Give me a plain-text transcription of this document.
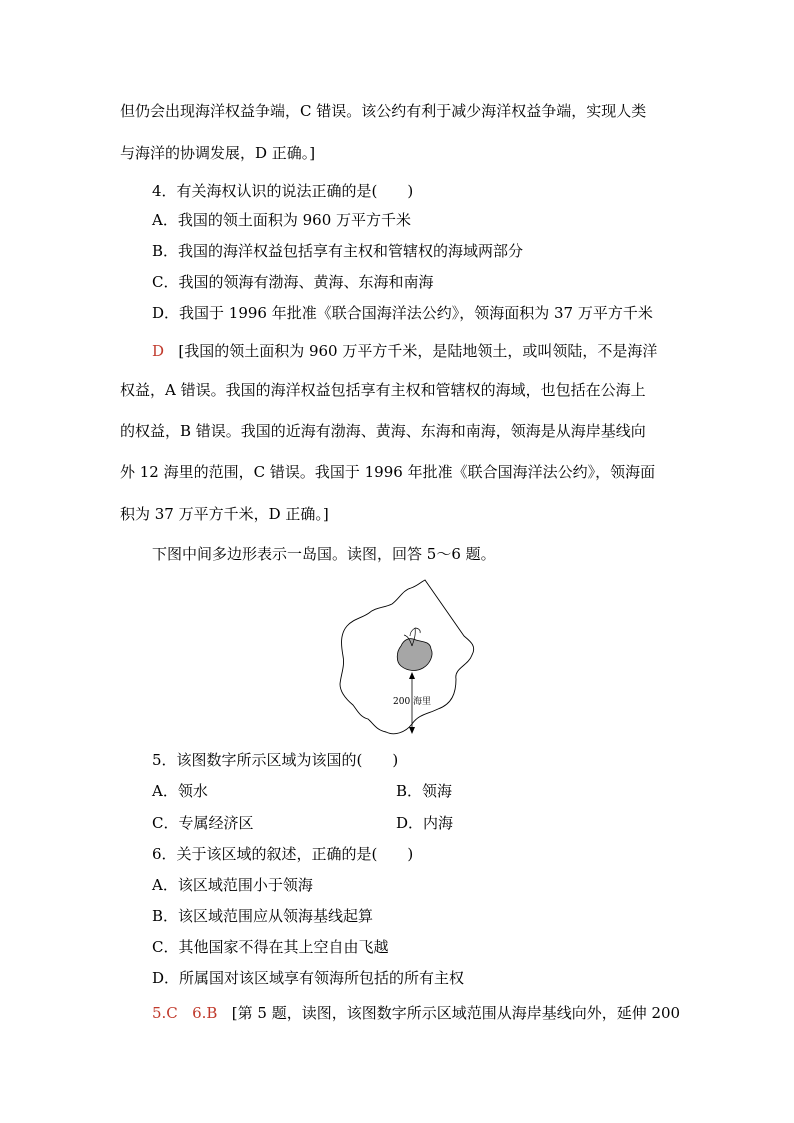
但仍会出现海洋权益争端，C 错误。该公约有利于减少海洋权益争端，实现人类
与海洋的协调发展，D 正确。]
4．有关海权认识的说法正确的是(　　)
A．我国的领土面积为 960 万平方千米
B．我国的海洋权益包括享有主权和管辖权的海域两部分
C．我国的领海有渤海、黄海、东海和南海
D．我国于 1996 年批准《联合国海洋法公约》，领海面积为 37 万平方千米
D [我国的领土面积为 960 万平方千米，是陆地领土，或叫领陆，不是海洋
权益，A 错误。我国的海洋权益包括享有主权和管辖权的海域，也包括在公海上
的权益，B 错误。我国的近海有渤海、黄海、东海和南海，领海是从海岸基线向
外 12 海里的范围，C 错误。我国于 1996 年批准《联合国海洋法公约》，领海面
积为 37 万平方千米，D 正确。]
下图中间多边形表示一岛国。读图，回答 5～6 题。
200 海里
5．该图数字所示区域为该国的(　　)
A．领水	B．领海
C．专属经济区	D．内海
6．关于该区域的叙述，正确的是(　　)
A．该区域范围小于领海
B．该区域范围应从领海基线起算
C．其他国家不得在其上空自由飞越
D．所属国对该区域享有领海所包括的所有主权
5.C 6.B [第 5 题，读图，该图数字所示区域范围从海岸基线向外，延伸 200
